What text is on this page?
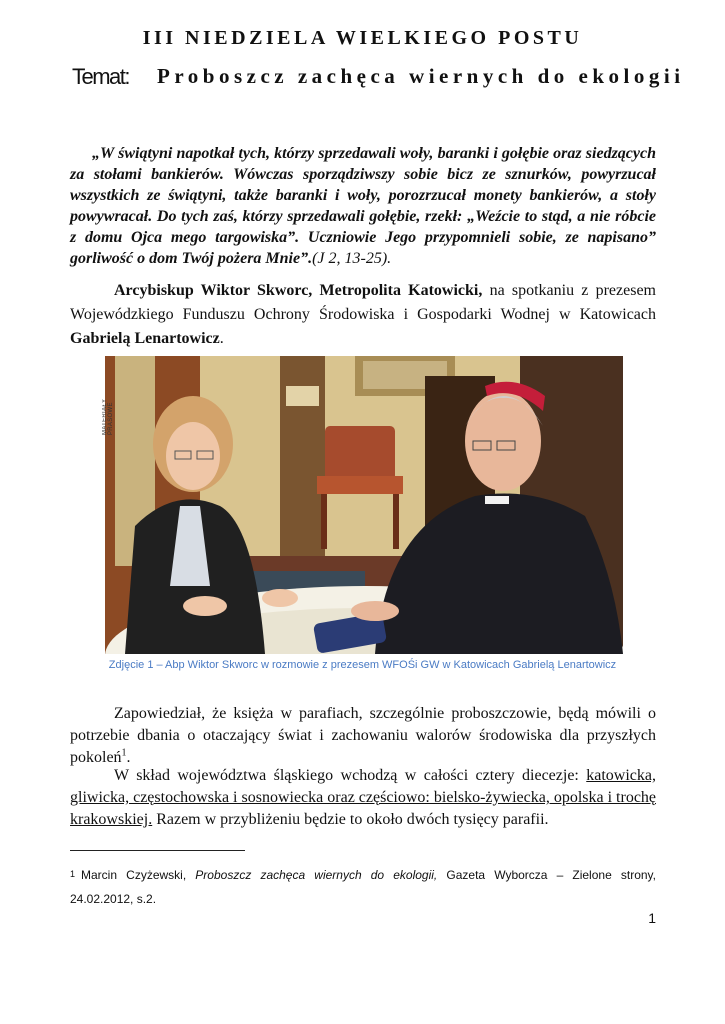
III NIEDZIELA WIELKIEGO POSTU
Temat: Proboszcz zachęca wiernych do ekologii
„W świątyni napotkał tych, którzy sprzedawali woły, baranki i gołębie oraz siedzących za stołami bankierów. Wówczas sporządziwszy sobie bicz ze sznurków, powyrzucał wszystkich ze świątyni, także baranki i woły, porozrzucał monety bankierów, a stoły powywracał. Do tych zaś, którzy sprzedawali gołębie, rzekł: „Weźcie to stąd, a nie róbcie z domu Ojca mego targowiska”. Uczniowie Jego przypomnieli sobie, ze napisano” gorliwość o dom Twój pożera Mnie”.(J 2, 13-25).
Arcybiskup Wiktor Skworc, Metropolita Katowicki, na spotkaniu z prezesem Wojewódzkiego Funduszu Ochrony Środowiska i Gospodarki Wodnej w Katowicach Gabrielą Lenartowicz.
MATERIAŁY PRASOWE
Zdjęcie 1 – Abp Wiktor Skworc w rozmowie z prezesem WFOŚi GW w Katowicach Gabrielą Lenartowicz
Zapowiedział, że księża w parafiach, szczególnie proboszczowie, będą mówili o potrzebie dbania o otaczający świat i zachowaniu walorów środowiska dla przyszłych pokoleń$^1$.
W skład województwa śląskiego wchodzą w całości cztery diecezje: katowicka, gliwicka, częstochowska i sosnowiecka oraz częściowo: bielsko-żywiecka, opolska i trochę krakowskiej. Razem w przybliżeniu będzie to około dwóch tysięcy parafii.
1 Marcin Czyżewski, Proboszcz zachęca wiernych do ekologii, Gazeta Wyborcza – Zielone strony, 24.02.2012, s.2.
1
